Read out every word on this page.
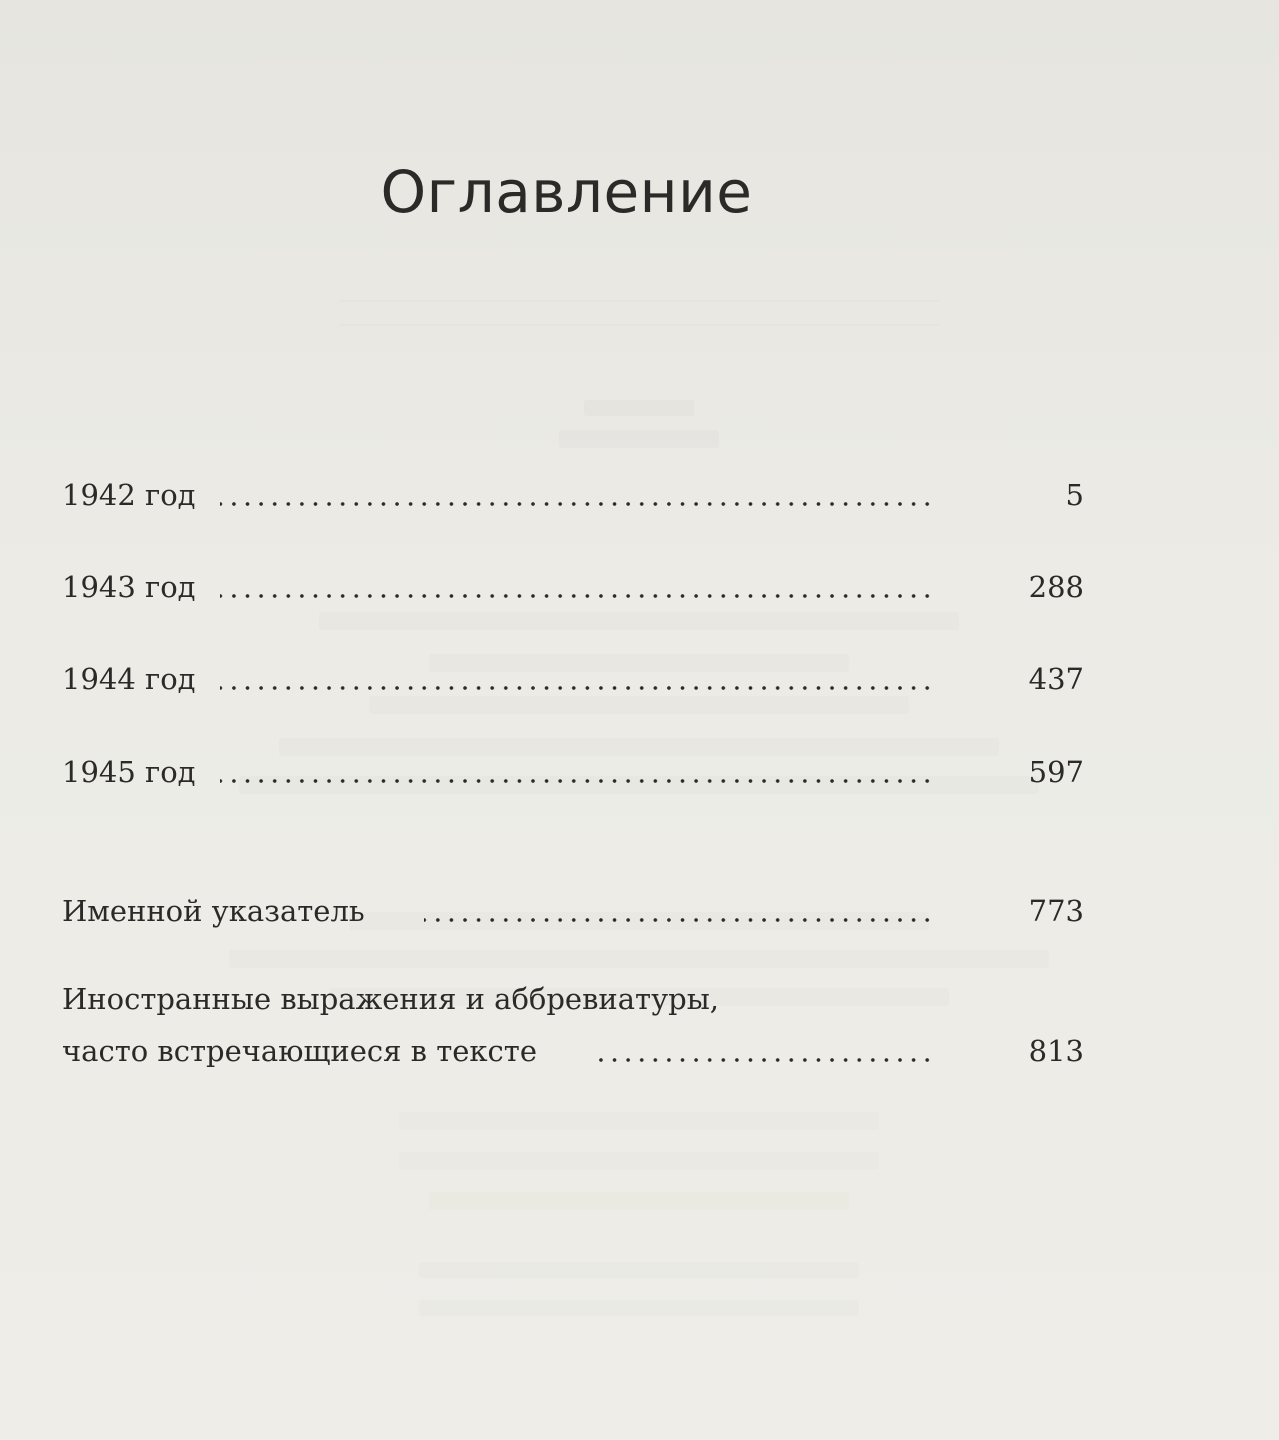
Оглавление
1942 год	5
1943 год	288
1944 год	437
1945 год	597
Именной указатель	773
Иностранные выражения и аббревиатуры,
часто встречающиеся в тексте	813
